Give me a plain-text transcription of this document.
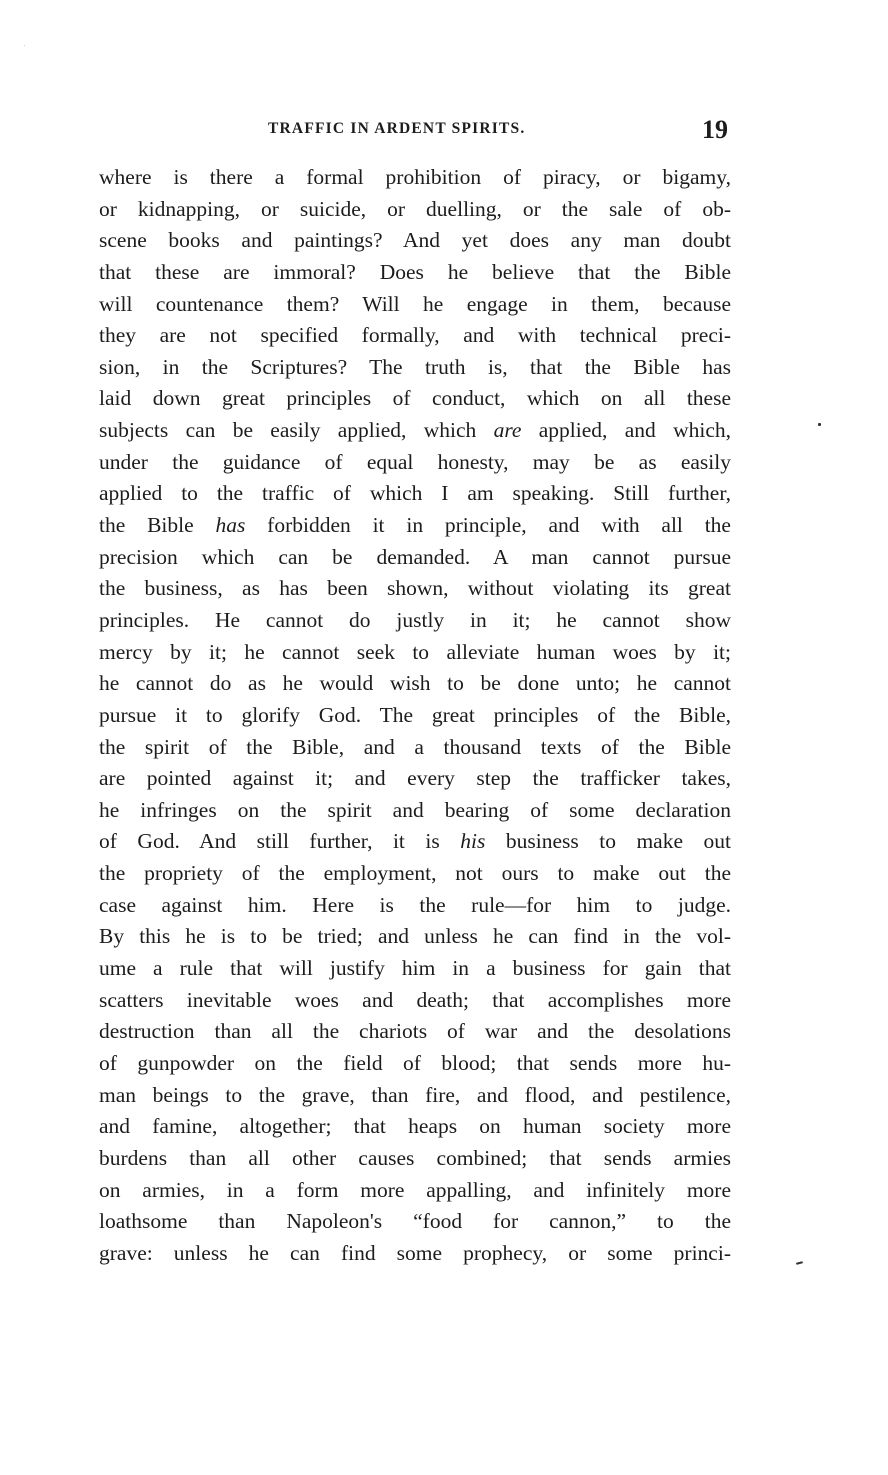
TRAFFIC IN ARDENT SPIRITS.	19
where is there a formal prohibition of piracy, or bigamy,
or kidnapping, or suicide, or duelling, or the sale of ob-
scene books and paintings? And yet does any man doubt
that these are immoral? Does he believe that the Bible
will countenance them? Will he engage in them, because
they are not specified formally, and with technical preci-
sion, in the Scriptures? The truth is, that the Bible has
laid down great principles of conduct, which on all these
subjects can be easily applied, which are applied, and which,
under the guidance of equal honesty, may be as easily
applied to the traffic of which I am speaking. Still further,
the Bible has forbidden it in principle, and with all the
precision which can be demanded. A man cannot pursue
the business, as has been shown, without violating its great
principles. He cannot do justly in it; he cannot show
mercy by it; he cannot seek to alleviate human woes by it;
he cannot do as he would wish to be done unto; he cannot
pursue it to glorify God. The great principles of the Bible,
the spirit of the Bible, and a thousand texts of the Bible
are pointed against it; and every step the trafficker takes,
he infringes on the spirit and bearing of some declaration
of God. And still further, it is his business to make out
the propriety of the employment, not ours to make out the
case against him. Here is the rule—for him to judge.
By this he is to be tried; and unless he can find in the vol-
ume a rule that will justify him in a business for gain that
scatters inevitable woes and death; that accomplishes more
destruction than all the chariots of war and the desolations
of gunpowder on the field of blood; that sends more hu-
man beings to the grave, than fire, and flood, and pestilence,
and famine, altogether; that heaps on human society more
burdens than all other causes combined; that sends armies
on armies, in a form more appalling, and infinitely more
loathsome than Napoleon's “food for cannon,” to the
grave: unless he can find some prophecy, or some princi-
